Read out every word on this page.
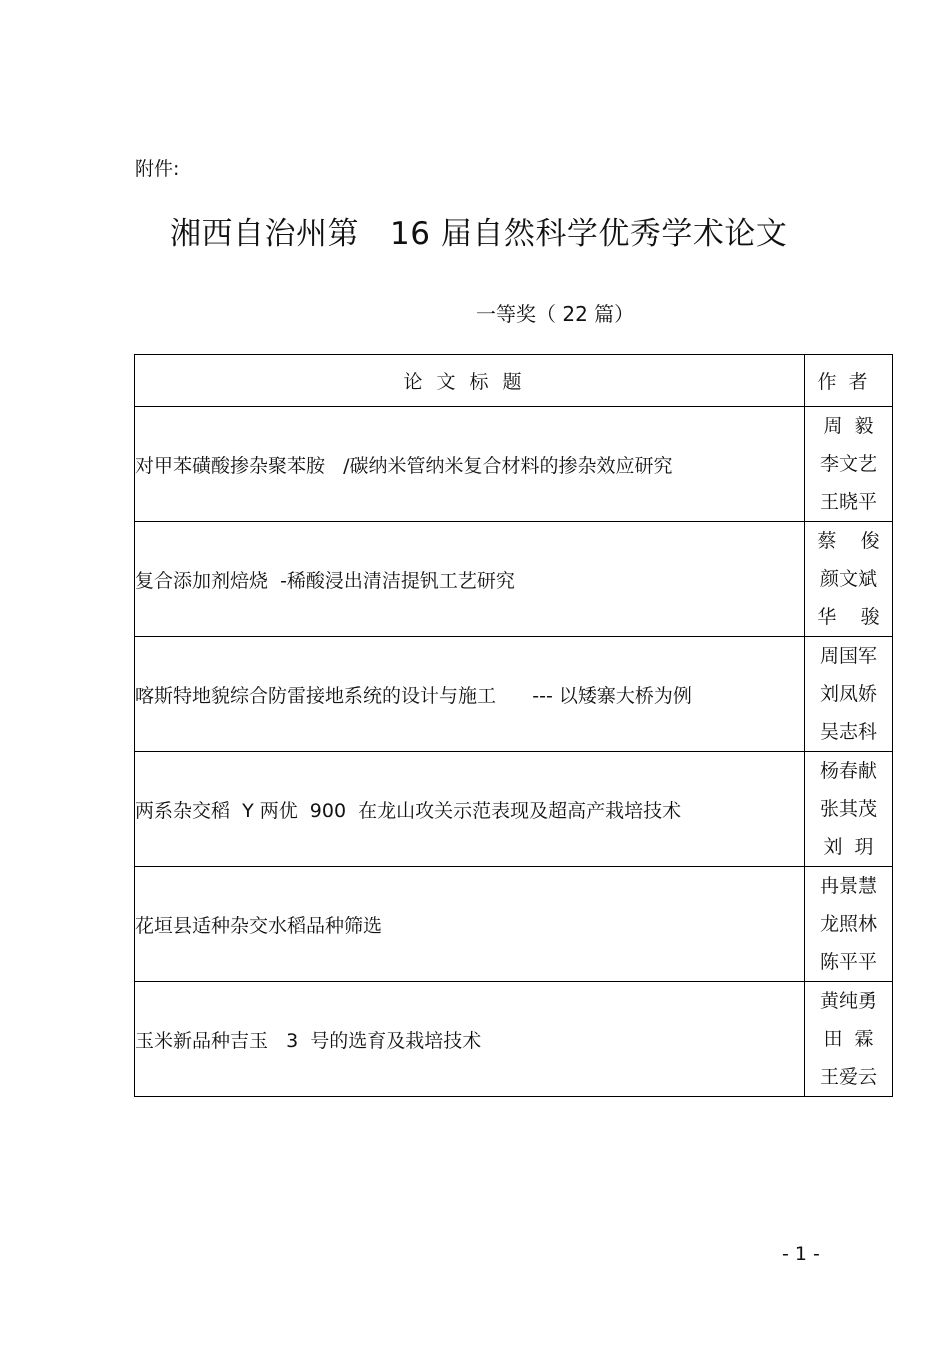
附件:
湘西自治州第   16 届自然科学优秀学术论文
一等奖（ 22 篇）
论文标题	作者
对甲苯磺酸掺杂聚苯胺   /碳纳米管纳米复合材料的掺杂效应研究	周  毅
李文艺
王晓平

复合添加剂焙烧  -稀酸浸出清洁提钒工艺研究	蔡    俊
颜文斌
华    骏

喀斯特地貌综合防雷接地系统的设计与施工      --- 以矮寨大桥为例	周国军
刘凤娇
吴志科

两系杂交稻  Y 两优  900  在龙山攻关示范表现及超高产栽培技术	杨春献
张其茂
刘  玥

花垣县适种杂交水稻品种筛选	冉景慧
龙照林
陈平平

玉米新品种吉玉   3  号的选育及栽培技术	黄纯勇
田  霖
王爱云
- 1 -
